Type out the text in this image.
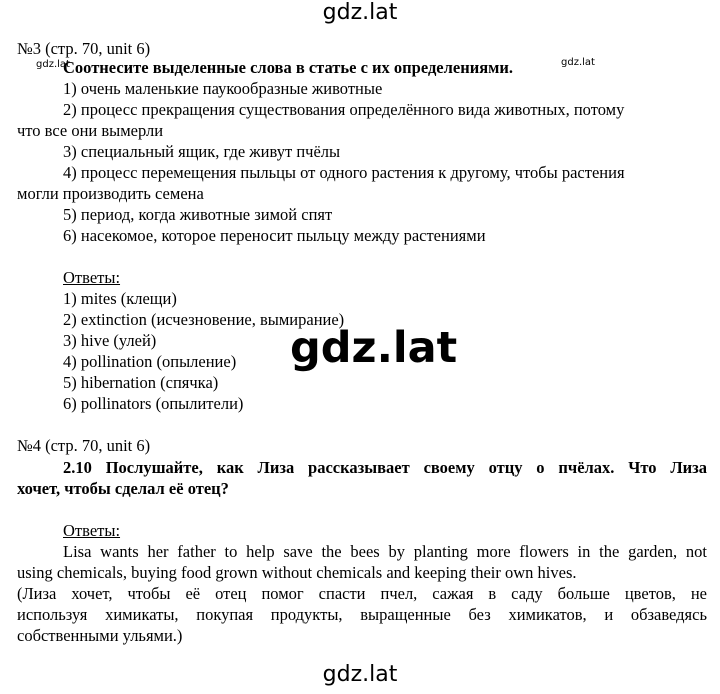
gdz.lat
№3 (стр. 70, unit 6)
Соотнесите выделенные слова в статье с их определениями.
gdz.lat	gdz.lat
1) очень маленькие паукообразные животные
2) процесс прекращения существования определённого вида животных, потому
что все они вымерли
3) специальный ящик, где живут пчёлы
4) процесс перемещения пыльцы от одного растения к другому, чтобы растения
могли производить семена
5) период, когда животные зимой спят
6) насекомое, которое переносит пыльцу между растениями
Ответы:
1) mites (клещи)
2) extinction (исчезновение, вымирание)
3) hive (улей)
4) pollination (опыление)
5) hibernation (спячка)
6) pollinators (опылители)
gdz.lat
№4 (стр. 70, unit 6)
2.10 Послушайте, как Лиза рассказывает своему отцу о пчёлах. Что Лиза
хочет, чтобы сделал её отец?
Ответы:
Lisa wants her father to help save the bees by planting more flowers in the garden, not
using chemicals, buying food grown without chemicals and keeping their own hives.
(Лиза хочет, чтобы её отец помог спасти пчел, сажая в саду больше цветов, не
используя химикаты, покупая продукты, выращенные без химикатов, и обзаведясь
собственными ульями.)
gdz.lat
